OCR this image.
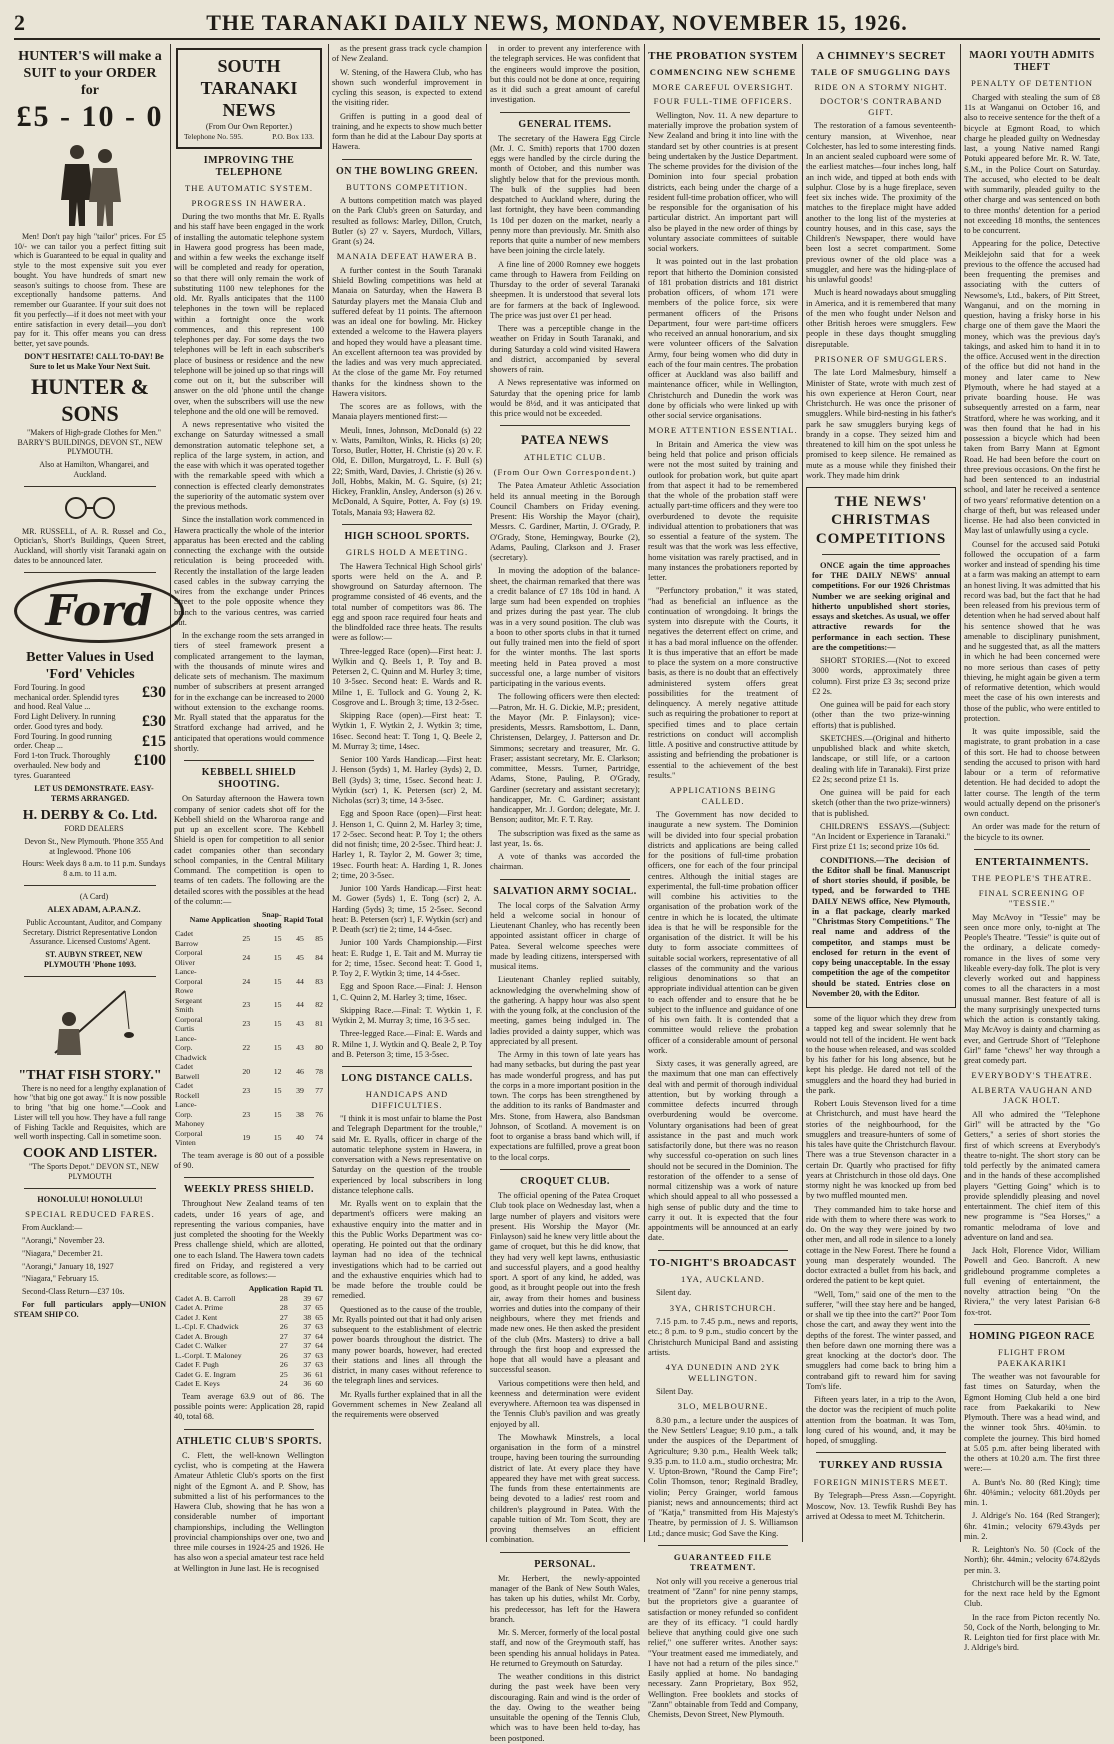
2	THE TARANAKI DAILY NEWS, MONDAY, NOVEMBER 15, 1926.
HUNTER'S will make a SUIT to your ORDER for
£5 - 10 - 0

Men! Don't pay high "tailor" prices. For £5 10/- we can tailor you a perfect fitting suit which is Guaranteed to be equal in quality and style to the most expensive suit you ever bought. You have hundreds of smart new season's suitings to choose from. These are exceptionally handsome patterns. And remember our Guarantee. If your suit does not fit you perfectly—if it does not meet with your entire satisfaction in every detail—you don't pay for it. This offer means you can dress better, yet save pounds.

DON'T HESITATE! CALL TO-DAY! Be Sure to let us Make Your Next Suit.

HUNTER & SONS

"Makers of High-grade Clothes for Men." BARRY'S BUILDINGS, DEVON ST., NEW PLYMOUTH.

Also at Hamilton, Whangarei, and Auckland.

MR. RUSSELL, of A. R. Russel and Co., Optician's, Short's Buildings, Queen Street, Auckland, will shortly visit Taranaki again on dates to be announced later.

Ford
Better Values in Used 'Ford' Vehicles
Ford Touring. In good mechanical order. Splendid tyres and hood. Real Value ...
£30
Ford Light Delivery. In running order. Good tyres and body.	£30
Ford Touring. In good running order. Cheap ...	£15
Ford 1-ton Truck. Thoroughly overhauled. New body and tyres. Guaranteed
£100

LET US DEMONSTRATE. EASY- TERMS ARRANGED.

H. DERBY & Co. Ltd.

FORD DEALERS

Devon St., New Plymouth. 'Phone 355 And at Inglewood. 'Phone 106

Hours: Week days 8 a.m. to 11 p.m. Sundays 8 a.m. to 11 a.m.

(A Card)

ALEX ADAM, A.P.A.N.Z.

Public Accountant, Auditor, and Company Secretary. District Representative London Assurance. Licensed Customs' Agent.

ST. AUBYN STREET, NEW PLYMOUTH 'Phone 1093.

"THAT FISH STORY."

There is no need for a lengthy explanation of how "that big one got away." It is now possible to bring "that big one home."—Cook and Lister will tell you how. They have a full range of Fishing Tackle and Requisites, which are well worth inspecting. Call in sometime soon.

COOK AND LISTER.

"The Sports Depot." DEVON ST., NEW PLYMOUTH

HONOLULU! HONOLULU!
SPECIAL REDUCED FARES.

From Auckland:—

"Aorangi," November 23.

"Niagara," December 21.

"Aorangi," January 18, 1927

"Niagara," February 15.

Second-Class Return—£37 10s.

For full particulars apply—UNION STEAM SHIP CO.

SOUTH TARANAKI NEWS
(From Our Own Reporter.)
Telephone No. 595.	P.O. Box 133.
IMPROVING THE TELEPHONE
THE AUTOMATIC SYSTEM.
PROGRESS IN HAWERA.

During the two months that Mr. E. Ryalls and his staff have been engaged in the work of installing the automatic telephone system in Hawera good progress has been made, and within a few weeks the exchange itself will be completed and ready for operation, so that there will only remain the work of substituting 1100 new telephones for the old. Mr. Ryalls anticipates that the 1100 telephones in the town will be replaced within a fortnight once the work commences, and this represent 100 telephones per day. For some days the two telephones will be left in each subscriber's place of business or residence and the new telephone will be joined up so that rings will come out on it, but the subscriber will answer on the old 'phone until the change over, when the subscribers will use the new telephone and the old one will be removed.

A news representative who visited the exchange on Saturday witnessed a small demonstration automatic telephone set, a replica of the large system, in action, and the ease with which it was operated together with the remarkable speed with which a connection is effected clearly demonstrates the superiority of the automatic system over the previous methods.

Since the installation work commenced in Hawera practically the whole of the interior apparatus has been erected and the cabling connecting the exchange with the outside reticulation is being proceeded with. Recently the installation of the large leaden cased cables in the subway carrying the wires from the exchange under Princes Street to the pole opposite whence they branch to the various centres, was carried out.

In the exchange room the sets arranged in tiers of steel framework present a complicated arrangement to the layman, with the thousands of minute wires and delicate sets of mechanism. The maximum number of subscribers at present arranged for in the exchange can be increased to 2000 without extension to the exchange rooms. Mr. Ryall stated that the apparatus for the Stratford exchange had arrived, and he anticipated that operations would commence shortly.

KEBBELL SHIELD SHOOTING.

On Saturday afternoon the Hawera town company of senior cadets shot off for the Kebbell shield on the Wharoroa range and put up an excellent score. The Kebbell Shield is open for competition to all senior cadet companies other than secondary school companies, in the Central Military Command. The competition is open to teams of ten cadets. The following are the detailed scores with the possibles at the head of the column:—

Name	Application	Snap-shooting	Rapid	Total
Cadet Barrow	25	15	45	85
Corporal Oliver	24	15	45	84
Lance-Corporal Rowe	24	15	44	83
Sergeant Smith	23	15	44	82
Corporal Curtis	23	15	43	81
Lance-Corp. Chadwick	22	15	43	80
Cadet Batwell	20	12	46	78
Cadet Rockell	23	15	39	77
Lance-Corp. Mahoney	23	15	38	76
Corporal Vinten	19	15	40	74

The team average is 80 out of a possible of 90.

WEEKLY PRESS SHIELD.

Throughout New Zealand teams of ten cadets, under 16 years of age, and representing the various companies, have just completed the shooting for the Weekly Press challenge shield, which are allotted, one to each Island. The Hawera town cadets fired on Friday, and registered a very creditable score, as follows:—

	Application	Rapid	Tl.
Cadet A. B. Carroll	28	39	67
Cadet A. Prime	28	37	65
Cadet J. Kent	27	38	65
L.-Cpl. F. Chadwick	26	37	63
Cadet A. Brough	27	37	64
Cadet C. Walker	27	37	64
L.-Corpl. T. Maloney	26	37	63
Cadet F. Pugh	26	37	63
Cadet G. E. Ingram	25	36	61
Cadet E. Keys	24	36	60

Team average 63.9 out of 86. The possible points were: Application 28, rapid 40, total 68.

ATHLETIC CLUB'S SPORTS.

C. Flett, the well-known Wellington cyclist, who is competing at the Hawera Amateur Athletic Club's sports on the first night of the Egmont A. and P. Show, has submitted a list of his performances to the Hawera Club, showing that he has won a considerable number of important championships, including the Wellington provincial championships over one, two and three mile courses in 1924-25 and 1926. He has also won a special amateur test race held at Wellington in June last. He is recognised

as the present grass track cycle champion of New Zealand.

W. Stening, of the Hawera Club, who has shown such wonderful improvement in cycling this season, is expected to extend the visiting rider.

Griffen is putting in a good deal of training, and he expects to show much better form than he did at the Labour Day sports at Hawera.

ON THE BOWLING GREEN.
BUTTONS COMPETITION.

A buttons competition match was played on the Park Club's green on Saturday, and resulted as follows: Marley, Dillon, Crutch, Butler (s) 27 v. Sayers, Murdoch, Villars, Grant (s) 24.

MANAIA DEFEAT HAWERA B.

A further contest in the South Taranaki Shield Bowling competitions was held at Manaia on Saturday, when the Hawera B Saturday players met the Manaia Club and suffered defeat by 11 points. The afternoon was an ideal one for bowling. Mr. Hickey extended a welcome to the Hawera players and hoped they would have a pleasant time. An excellent afternoon tea was provided by the ladies and was very much appreciated. At the close of the game Mr. Foy returned thanks for the kindness shown to the Hawera visitors.

The scores are as follows, with the Manaia players mentioned first:—

Meuli, Innes, Johnson, McDonald (s) 22 v. Watts, Pamilton, Winks, R. Hicks (s) 20; Torso, Butler, Hotter, H. Christie (s) 20 v. F. Old, E. Dillon, Murgatroyd, L. F. Bull (s) 22; Smith, Ward, Davies, J. Christie (s) 26 v. Joll, Hobbs, Makin, M. G. Squire, (s) 21; Hickey, Franklin, Ansley, Anderson (s) 26 v. McDonald, A Squire, Potter, A. Foy (s) 19. Totals, Manaia 93; Hawera 82.

HIGH SCHOOL SPORTS.
GIRLS HOLD A MEETING.

The Hawera Technical High School girls' sports were held on the A. and P. showground on Saturday afternoon. The programme consisted of 46 events, and the total number of competitors was 86. The egg and spoon race required four heats and the blindfolded race three heats. The results were as follow:—

Three-legged Race (open)—First heat: J. Wylkin and Q. Beels 1, P. Toy and B. Petersen 2, C. Quinn and M. Hurley 3; time, 10 3-5sec. Second heat: E. Wards and R. Milne 1, E. Tullock and G. Young 2, K. Cosgrove and L. Brough 3; time, 13 2-5sec.

Skipping Race (open).—First heat: T. Wytkin 1, F. Wytkin 2, J. Wytkin 3; time, 16sec. Second heat: T. Tong 1, Q. Beele 2, M. Murray 3; time, 14sec.

Senior 100 Yards Handicap.—First heat: J. Henson (5yds) 1, M. Harley (3yds) 2, D. Bell (3yds) 3; time, 15sec. Second heat: J. Wytkin (scr) 1, K. Petersen (scr) 2, M. Nicholas (scr) 3; time, 14 3-5sec.

Egg and Spoon Race (open)—First heat: J. Henson 1, C. Quinn 2, M. Harley 3; time, 17 2-5sec. Second heat: P. Toy 1; the others did not finish; time, 20 2-5sec. Third heat: J. Harley 1, R. Taylor 2, M. Gower 3; time, 19sec. Fourth heat: A. Harding 1, R. Jones 2; time, 20 3-5sec.

Junior 100 Yards Handicap.—First heat: M. Gower (5yds) 1, E. Tong (scr) 2, A. Harding (5yds) 3; time, 15 2-5sec. Second heat: B. Petersen (scr) 1, F. Wytkin (scr) and P. Death (scr) tie 2; time, 14 4-5sec.

Junior 100 Yards Championship.—First heat: E. Rudge 1, E. Tait and M. Murray tie for 2; time, 15sec. Second heat: T. Good 1, P. Toy 2, F. Wytkin 3; time, 14 4-5sec.

Egg and Spoon Race.—Final: J. Henson 1, C. Quinn 2, M. Harley 3; time, 16sec.

Skipping Race.—Final: T. Wytkin 1, F. Wytkin 2, M. Murray 3; time, 16 3-5 sec.

Three-legged Race.—Final: E. Wards and R. Milne 1, J. Wytkin and Q. Beale 2, P. Toy and B. Peterson 3; time, 15 3-5sec.

LONG DISTANCE CALLS.
HANDICAPS AND DIFFICULTIES.

"I think it is most unfair to blame the Post and Telegraph Department for the trouble," said Mr. E. Ryalls, officer in charge of the automatic telephone system in Hawera, in conversation with a News representative on Saturday on the question of the trouble experienced by local subscribers in long distance telephone calls.

Mr. Ryalls went on to explain that the department's officers were making an exhaustive enquiry into the matter and in this the Public Works Department was co-operating. He pointed out that the ordinary layman had no idea of the technical investigations which had to be carried out and the exhaustive enquiries which had to be made before the trouble could be remedied.

Questioned as to the cause of the trouble, Mr. Ryalls pointed out that it had only arisen subsequent to the establishment of electric power boards throughout the district. The many power boards, however, had erected their stations and lines all through the district, in many cases without reference to the telegraph lines and services.

Mr. Ryalls further explained that in all the Government schemes in New Zealand all the requirements were observed

in order to prevent any interference with the telegraph services. He was confident that the engineers would improve the position, but this could not be done at once, requiring as it did such a great amount of careful investigation.

GENERAL ITEMS.

The secretary of the Hawera Egg Circle (Mr. J. C. Smith) reports that 1700 dozen eggs were handled by the circle during the month of October, and this number was slightly below that for the previous month. The bulk of the supplies had been despatched to Auckland where, during the last fortnight, they have been commanding 1s 10d per dozen on the market, nearly a penny more than previously. Mr. Smith also reports that quite a number of new members have been joining the circle lately.

A fine line of 2000 Romney ewe hoggets came through to Hawera from Feilding on Thursday to the order of several Taranaki sheepmen. It is understood that several lots are for farmers at the back of Inglewood. The price was just over £1 per head.

There was a perceptible change in the weather on Friday in South Taranaki, and during Saturday a cold wind visited Hawera and district, accompanied by several showers of rain.

A News representative was informed on Saturday that the opening price for lamb would be 8½d, and it was anticipated that this price would not be exceeded.

PATEA NEWS
ATHLETIC CLUB.
(From Our Own Correspondent.)

The Patea Amateur Athletic Association held its annual meeting in the Borough Council Chambers on Friday evening. Present: His Worship the Mayor (chair), Messrs. C. Gardiner, Martin, J. O'Grady, P. O'Grady, Stone, Hemingway, Bourke (2), Adams, Pauling, Clarkson and J. Fraser (secretary).

In moving the adoption of the balance-sheet, the chairman remarked that there was a credit balance of £7 18s 10d in hand. A large sum had been expended on trophies and prizes during the past year. The club was in a very sound position. The club was a boon to other sports clubs in that it turned out fully trained men into the field of sport for the winter months. The last sports meeting held in Patea proved a most successful one, a large number of visitors participating in the various events.

The following officers were then elected:—Patron, Mr. H. G. Dickie, M.P.; president, the Mayor (Mr. P. Finlayson); vice-presidents, Messrs. Ramsbottom, L. Dann, Christensen, Delargey, J. Patterson and Dr. Simmons; secretary and treasurer, Mr. G. Fraser; assistant secretary, Mr. E. Clarkson; committee, Messrs. Turner, Partridge, Adams, Stone, Pauling, P. O'Grady, Gardiner (secretary and assistant secretary); handicapper, Mr. C. Gardiner; assistant handicapper, Mr. J. Gordon; delegate, Mr. J. Benson; auditor, Mr. F. T. Ray.

The subscription was fixed as the same as last year, 1s. 6s.

A vote of thanks was accorded the chairman.

SALVATION ARMY SOCIAL.

The local corps of the Salvation Army held a welcome social in honour of Lieutenant Chanley, who has recently been appointed assistant officer in charge of Patea. Several welcome speeches were made by leading citizens, interspersed with musical items.

Lieutenant Chanley replied suitably, acknowledging the overwhelming show of the gathering. A happy hour was also spent with the young folk, at the conclusion of the meeting, games being indulged in. The ladies provided a dainty supper, which was appreciated by all present.

The Army in this town of late years has had many setbacks, but during the past year has made wonderful progress, and has put the corps in a more important position in the town. The corps has been strengthened by the addition to its ranks of Bandmaster and Mrs. Stone, from Hawera, also Bandsman Johnson, of Scotland. A movement is on foot to organise a brass band which will, if expectations are fulfilled, prove a great boon to the local corps.

CROQUET CLUB.

The official opening of the Patea Croquet Club took place on Wednesday last, when a large number of players and visitors were present. His Worship the Mayor (Mr. Finlayson) said he knew very little about the game of croquet, but this he did know, that they had very well kept lawns, enthusiastic and successful players, and a good healthy sport. A sport of any kind, he added, was good, as it brought people out into the fresh air, away from their homes and business worries and duties into the company of their neighbours, where they met friends and made new ones. He then asked the president of the club (Mrs. Masters) to drive a ball through the first hoop and expressed the hope that all would have a pleasant and successful season.

Various competitions were then held, and keenness and determination were evident everywhere. Afternoon tea was dispensed in the Tennis Club's pavilion and was greatly enjoyed by all.

The Mowhawk Minstrels, a local organisation in the form of a minstrel troupe, having been touring the surrounding district of late. At every place they have appeared they have met with great success. The funds from these entertainments are being devoted to a ladies' rest room and children's playground in Patea. With the capable tuition of Mr. Tom Scott, they are proving themselves an efficient combination.

PERSONAL.

Mr. Herbert, the newly-appointed manager of the Bank of New South Wales, has taken up his duties, whilst Mr. Corby, his predecessor, has left for the Hawera branch.

Mr. S. Mercer, formerly of the local postal staff, and now of the Greymouth staff, has been spending his annual holidays in Patea. He returned to Greymouth on Saturday.

The weather conditions in this district during the past week have been very discouraging. Rain and wind is the order of the day. Owing to the weather being unsuitable the opening of the Tennis Club, which was to have been held to-day, has been postponed.

THE PROBATION SYSTEM
COMMENCING NEW SCHEME
MORE CAREFUL OVERSIGHT.
FOUR FULL-TIME OFFICERS.

Wellington, Nov. 11. A new departure to materially improve the probation system of New Zealand and bring it into line with the standard set by other countries is at present being undertaken by the Justice Department. The scheme provides for the division of the Dominion into four special probation districts, each being under the charge of a resident full-time probation officer, who will be responsible for the organisation of his particular district. An important part will also be played in the new order of things by voluntary associate committees of suitable social workers.

It was pointed out in the last probation report that hitherto the Dominion consisted of 181 probation districts and 181 district probation officers, of whom 171 were members of the police force, six were permanent officers of the Prisons Department, four were part-time officers who received an annual honorarium, and six were volunteer officers of the Salvation Army, four being women who did duty in each of the four main centres. The probation officer at Auckland was also bailiff and maintenance officer, while in Wellington, Christchurch and Dunedin the work was done by officials who were linked up with other social service organisations.

MORE ATTENTION ESSENTIAL.

In Britain and America the view was being held that police and prison officials were not the most suited by training and outlook for probation work, but quite apart from that aspect it had to be remembered that the whole of the probation staff were actually part-time officers and they were too overburdened to devote the requisite individual attention to probationers that was so essential a feature of the system. The result was that the work was less effective, home visitation was rarely practised, and in many instances the probationers reported by letter.

"Perfunctory probation," it was stated, "had as beneficial an influence as the continuation of wrongdoing. It brings the system into disrepute with the Courts, it negatives the deterrent effect on crime, and it has a bad moral influence on the offender. It is thus imperative that an effort be made to place the system on a more constructive basis, as there is no doubt that an effectively administered system offers great possibilities for the treatment of delinquency. A merely negative attitude such as requiring the probationer to report at specified times and to place certain restrictions on conduct will accomplish little. A positive and constructive attitude by assisting and befriending the probationer is essential to the achievement of the best results."

APPLICATIONS BEING CALLED.

The Government has now decided to inaugurate a new system. The Dominion will be divided into four special probation districts and applications are being called for the positions of full-time probation officers, one for each of the four principal centres. Although the initial stages are experimental, the full-time probation officer will combine his activities to the organisation of the probation work of the centre in which he is located, the ultimate idea is that he will be responsible for the organisation of the district. It will be his duty to form associate committees of suitable social workers, representative of all classes of the community and the various religious denominations so that an appropriate individual attention can be given to each offender and to ensure that he be subject to the influence and guidance of one of his own faith. It is contended that a committee would relieve the probation officer of a considerable amount of personal work.

Sixty cases, it was generally agreed, are the maximum that one man can effectively deal with and permit of thorough individual attention, but by working through a committee defects incurred through overburdening would be overcome. Voluntary organisations had been of great assistance in the past and much work satisfactorily done, but there was no reason why successful co-operation on such lines should not be secured in the Dominion. The restoration of the offender to a sense of normal citizenship was a work of nature which should appeal to all who possessed a high sense of public duty and the time to carry it out. It is expected that the four appointments will be announced at an early date.

TO-NIGHT'S BROADCAST
1YA, AUCKLAND.

Silent day.

3YA, CHRISTCHURCH.

7.15 p.m. to 7.45 p.m., news and reports, etc.; 8 p.m. to 9 p.m., studio concert by the Christchurch Municipal Band and assisting artists.

4YA DUNEDIN AND 2YK WELLINGTON.

Silent Day.

3LO, MELBOURNE.

8.30 p.m., a lecture under the auspices of the New Settlers' League; 9.10 p.m., a talk under the auspices of the Department of Agriculture; 9.30 p.m., Health Week talk; 9.35 p.m. to 11.0 a.m., studio orchestra; Mr. V. Upton-Brown, "Round the Camp Fire"; Colin Thomson, tenor; Reginald Bradley, violin; Percy Grainger, world famous pianist; news and announcements; third act of "Katja," transmitted from His Majesty's Theatre, by permission of J. S. Williamson Ltd.; dance music; God Save the King.

GUARANTEED FILE TREATMENT.

Not only will you receive a generous trial treatment of "Zann" for nine penny stamps, but the proprietors give a guarantee of satisfaction or money refunded so confident are they of its efficacy. "I could hardly believe that anything could give one such relief," one sufferer writes. Another says: "Your treatment eased me immediately, and I have not had a return of the piles since." Easily applied at home. No bandaging necessary. Zann Proprietary, Box 952, Wellington. Free booklets and stocks of "Zann" obtainable from Tedd and Company, Chemists, Devon Street, New Plymouth.

A CHIMNEY'S SECRET
TALE OF SMUGGLING DAYS
RIDE ON A STORMY NIGHT.
DOCTOR'S CONTRABAND GIFT.

The restoration of a famous seventeenth-century mansion, at Wivenhoe, near Colchester, has led to some interesting finds. In an ancient sealed cupboard were some of the earliest matches—four inches long, half an inch wide, and tipped at both ends with sulphur. Close by is a huge fireplace, seven feet six inches wide. The proximity of the matches to the fireplace might have added another to the long list of the mysteries at country houses, and in this case, says the Children's Newspaper, there would have been lost a secret compartment. Some previous owner of the old place was a smuggler, and here was the hiding-place of his unlawful goods!

Much is heard nowadays about smuggling in America, and it is remembered that many of the men who fought under Nelson and other British heroes were smugglers. Few people in these days thought smuggling disreputable.

PRISONER OF SMUGGLERS.

The late Lord Malmesbury, himself a Minister of State, wrote with much zest of his own experience at Heron Court, near Christchurch. He was once the prisoner of smugglers. While bird-nesting in his father's park he saw smugglers burying kegs of brandy in a copse. They seized him and threatened to kill him on the spot unless he promised to keep silence. He remained as mute as a mouse while they finished their work. They made him drink

THE NEWS' CHRISTMAS COMPETITIONS

ONCE again the time approaches for THE DAILY NEWS' annual competitions. For our 1926 Christmas Number we are seeking original and hitherto unpublished short stories, essays and sketches. As usual, we offer attractive rewards for the performance in each section. These are the competitions:—

SHORT STORIES.—(Not to exceed 3000 words, approximately three column). First prize £3 3s; second prize £2 2s.

One guinea will be paid for each story (other than the two prize-winning efforts) that is published.

SKETCHES.—(Original and hitherto unpublished black and white sketch, landscape, or still life, or a cartoon dealing with life in Taranaki). First prize £2 2s; second prize £1 1s.

One guinea will be paid for each sketch (other than the two prize-winners) that is published.

CHILDREN'S ESSAYS.—(Subject: "An Incident or Experience in Taranaki." First prize £1 1s; second prize 10s 6d.

CONDITIONS.—The decision of the Editor shall be final. Manuscript of short stories should, if posible, be typed, and be forwarded to THE DAILY NEWS office, New Plymouth, in a flat package, clearly marked "Christmas Story Competitions." The real name and address of the competitor, and stamps must be enclosed for return in the event of copy being unacceptable. In the essay competition the age of the competitor should be stated. Entries close on November 20, with the Editor.

some of the liquor which they drew from a tapped keg and swear solemnly that he would not tell of the incident. He went back to the house when released, and was scolded by his father for his long absence, but he kept his pledge. He dared not tell of the smugglers and the hoard they had buried in the park.

Robert Louis Stevenson lived for a time at Christchurch, and must have heard the stories of the neighbourhood, for the smugglers and treasure-hunters of some of his tales have quite the Christchurch flavour. There was a true Stevenson character in a certain Dr. Quartly who practised for fifty years at Christchurch in those old days. One stormy night he was knocked up from bed by two muffled mounted men.

They commanded him to take horse and ride with them to where there was work to do. On the way they were joined by two other men, and all rode in silence to a lonely cottage in the New Forest. There he found a young man desperately wounded. The doctor extracted a bullet from his back, and ordered the patient to be kept quiet.

"Well, Tom," said one of the men to the sufferer, "will thee stay here and be hanged, or shall we tip thee into the cart?" Poor Tom chose the cart, and away they went into the depths of the forest. The winter passed, and then before dawn one morning there was a great knocking at the doctor's door. The smugglers had come back to bring him a contraband gift to reward him for saving Tom's life.

Fifteen years later, in a trip to the Avon, the doctor was the recipient of much polite attention from the boatman. It was Tom, long cured of his wound, and, it may be hoped, of smuggling.

TURKEY AND RUSSIA
FOREIGN MINISTERS MEET.

By Telegraph—Press Assn.—Copyright. Moscow, Nov. 13. Tewfik Rushdi Bey has arrived at Odessa to meet M. Tchitcherin.

MAORI YOUTH ADMITS THEFT
PENALTY OF DETENTION

Charged with stealing the sum of £8 11s at Wanganui on October 16, and also to receive sentence for the theft of a bicycle at Egmont Road, to which charge he pleaded guilty on Wednesday last, a young Native named Rangi Potuki appeared before Mr. R. W. Tate, S.M., in the Police Court on Saturday. The accused, who elected to be dealt with summarily, pleaded guilty to the other charge and was sentenced on both to three months' detention for a period not exceeding 18 months, the sentences to be concurrent.

Appearing for the police, Detective Meiklejohn said that for a week previous to the offence the accused had been frequenting the premises and associating with the cutters of Newsome's, Ltd., bakers, of Pitt Street, Wanganui, and on the morning in question, having a frisky horse in his charge one of them gave the Maori the money, which was the previous day's takings, and asked him to hand it in to the office. Accused went in the direction of the office but did not hand in the money and later came to New Plymouth, where he had stayed at a private boarding house. He was subsequently arrested on a farm, near Stratford, where he was working, and it was then found that he had in his possession a bicycle which had been taken from Barry Mann at Egmont Road. He had been before the court on three previous occasions. On the first he had been sentenced to an industrial school, and later he received a sentence of two years' reformative detention on a charge of theft, but was released under license. He had also been convicted in May last of unlawfully using a cycle.

Counsel for the accused said Potuki followed the occupation of a farm worker and instead of spending his time at a farm was making an attempt to earn an honest living. It was admitted that his record was bad, but the fact that he had been released from his previous term of detention when he had served about half his sentence showed that he was amenable to disciplinary punishment, and he suggested that, as all the matters in which he had been concerned were no more serious than cases of petty thieving, he might again be given a term of reformative detention, which would meet the case of his own interests and those of the public, who were entitled to protection.

It was quite impossible, said the magistrate, to grant probation in a case of this sort. He had to choose between sending the accused to prison with hard labour or a term of reformative detention. He had decided to adopt the latter course. The length of the term would actually depend on the prisoner's own conduct.

An order was made for the return of the bicycle to its owner.

ENTERTAINMENTS.
THE PEOPLE'S THEATRE.
FINAL SCREENING OF "TESSIE."

May McAvoy in "Tessie" may be seen once more only, to-night at The People's Theatre. "Tessie" is quite out of the ordinary, a delicate comedy-romance in the lives of some very likeable every-day folk. The plot is very cleverly worked out and happiness comes to all the characters in a most unusual manner. Best feature of all is the many surprisingly unexpected turns which the action is constantly taking. May McAvoy is dainty and charming as ever, and Gertrude Short of "Telephone Girl" fame "chews" her way through a great comedy part.

EVERYBODY'S THEATRE.
ALBERTA VAUGHAN AND JACK HOLT.

All who admired the "Telephone Girl" will be attracted by the "Go Getters," a series of short stories the first of which screens at Everybody's theatre to-night. The short story can be told perfectly by the animated camera and in the hands of these accomplished players "Getting Going" which is to provide splendidly pleasing and novel entertainment. The chief item of this new programme is "Sea Horses," a romantic melodrama of love and adventure on land and sea.

Jack Holt, Florence Vidor, William Powell and Geo. Bancroft. A new gridlebound programme completes a full evening of entertainment, the novelty attraction being "On the Riviera," the very latest Parisian 6-8 fox-trot.

HOMING PIGEON RACE
FLIGHT FROM PAEKAKARIKI

The weather was not favourable for fast times on Saturday, when the Egmont Homing Club held a one bird race from Paekakariki to New Plymouth. There was a head wind, and the winner took 5hrs. 40¼min. to complete the journey. This bird homed at 5.05 p.m. after being liberated with the others at 10.20 a.m. The first three were:—

A. Bunt's No. 80 (Red King); time 6hr. 40¼min.; velocity 681.20yds per min. 1.

J. Aldrige's No. 164 (Red Stranger); 6hr. 41min.; velocity 679.43yds per min. 2.

R. Leighton's No. 50 (Cock of the North); 6hr. 44min.; velocity 674.82yds per min. 3.

Christchurch will be the starting point for the next race held by the Egmont Club.

In the race from Picton recently No. 50, Cock of the North, belonging to Mr. R. Leighton tied for first place with Mr. J. Aldrige's bird.
